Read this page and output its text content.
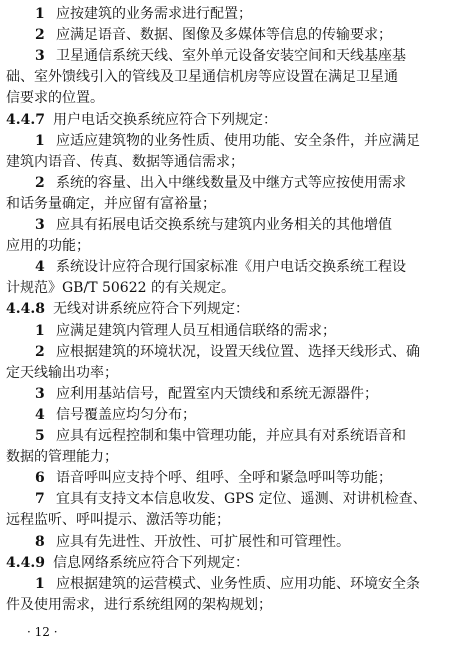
1 应按建筑的业务需求进行配置；
2 应满足语音、数据、图像及多媒体等信息的传输要求；
3 卫星通信系统天线、室外单元设备安装空间和天线基座基
础、室外馈线引入的管线及卫星通信机房等应设置在满足卫星通
信要求的位置。
4.4.7 用户电话交换系统应符合下列规定：
1 应适应建筑物的业务性质、使用功能、安全条件，并应满足
建筑内语音、传真、数据等通信需求；
2 系统的容量、出入中继线数量及中继方式等应按使用需求
和话务量确定，并应留有富裕量；
3 应具有拓展电话交换系统与建筑内业务相关的其他增值
应用的功能；
4 系统设计应符合现行国家标准《用户电话交换系统工程设
计规范》GB/T 50622 的有关规定。
4.4.8 无线对讲系统应符合下列规定：
1 应满足建筑内管理人员互相通信联络的需求；
2 应根据建筑的环境状况，设置天线位置、选择天线形式、确
定天线输出功率；
3 应利用基站信号，配置室内天馈线和系统无源器件；
4 信号覆盖应均匀分布；
5 应具有远程控制和集中管理功能，并应具有对系统语音和
数据的管理能力；
6 语音呼叫应支持个呼、组呼、全呼和紧急呼叫等功能；
7 宜具有支持文本信息收发、GPS 定位、遥测、对讲机检查、
远程监听、呼叫提示、激活等功能；
8 应具有先进性、开放性、可扩展性和可管理性。
4.4.9 信息网络系统应符合下列规定：
1 应根据建筑的运营模式、业务性质、应用功能、环境安全条
件及使用需求，进行系统组网的架构规划；
· 12 ·
